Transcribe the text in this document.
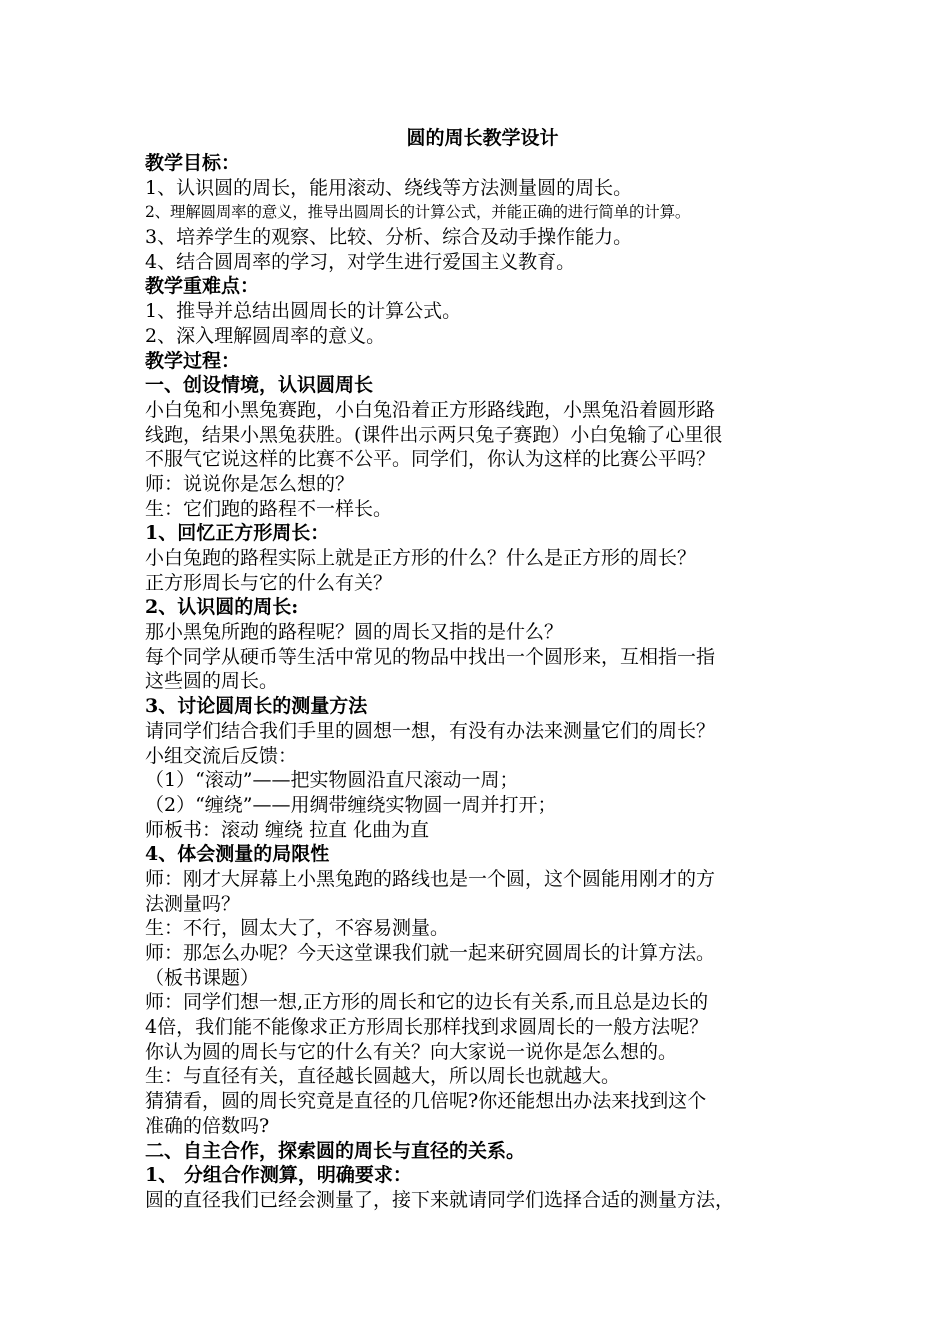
圆的周长教学设计
教学目标：
1、认识圆的周长，能用滚动、绕线等方法测量圆的周长。
2、理解圆周率的意义，推导出圆周长的计算公式，并能正确的进行简单的计算。
3、培养学生的观察、比较、分析、综合及动手操作能力。
4、结合圆周率的学习，对学生进行爱国主义教育。
教学重难点：
1、推导并总结出圆周长的计算公式。
2、深入理解圆周率的意义。
教学过程：
一、创设情境，认识圆周长
小白兔和小黑兔赛跑，小白兔沿着正方形路线跑，小黑兔沿着圆形路
线跑，结果小黑兔获胜。(课件出示两只兔子赛跑）小白兔输了心里很
不服气它说这样的比赛不公平。同学们，你认为这样的比赛公平吗？
师：说说你是怎么想的？
生：它们跑的路程不一样长。
1、回忆正方形周长：
小白兔跑的路程实际上就是正方形的什么？什么是正方形的周长？
正方形周长与它的什么有关？
2、认识圆的周长:
那小黑兔所跑的路程呢？圆的周长又指的是什么？
每个同学从硬币等生活中常见的物品中找出一个圆形来，互相指一指
这些圆的周长。
3、讨论圆周长的测量方法
请同学们结合我们手里的圆想一想，有没有办法来测量它们的周长？
小组交流后反馈：
（1）“滚动”——把实物圆沿直尺滚动一周；
（2）“缠绕”——用绸带缠绕实物圆一周并打开；
师板书：滚动 缠绕 拉直 化曲为直
4、体会测量的局限性
师：刚才大屏幕上小黑兔跑的路线也是一个圆，这个圆能用刚才的方
法测量吗？
生：不行，圆太大了，不容易测量。
师：那怎么办呢？今天这堂课我们就一起来研究圆周长的计算方法。
（板书课题）
师：同学们想一想,正方形的周长和它的边长有关系,而且总是边长的
4倍，我们能不能像求正方形周长那样找到求圆周长的一般方法呢？
你认为圆的周长与它的什么有关？向大家说一说你是怎么想的。
生：与直径有关，直径越长圆越大，所以周长也就越大。
猜猜看，圆的周长究竟是直径的几倍呢?你还能想出办法来找到这个
准确的倍数吗?
二、自主合作，探索圆的周长与直径的关系。
1、 分组合作测算，明确要求：
圆的直径我们已经会测量了，接下来就请同学们选择合适的测量方法，
